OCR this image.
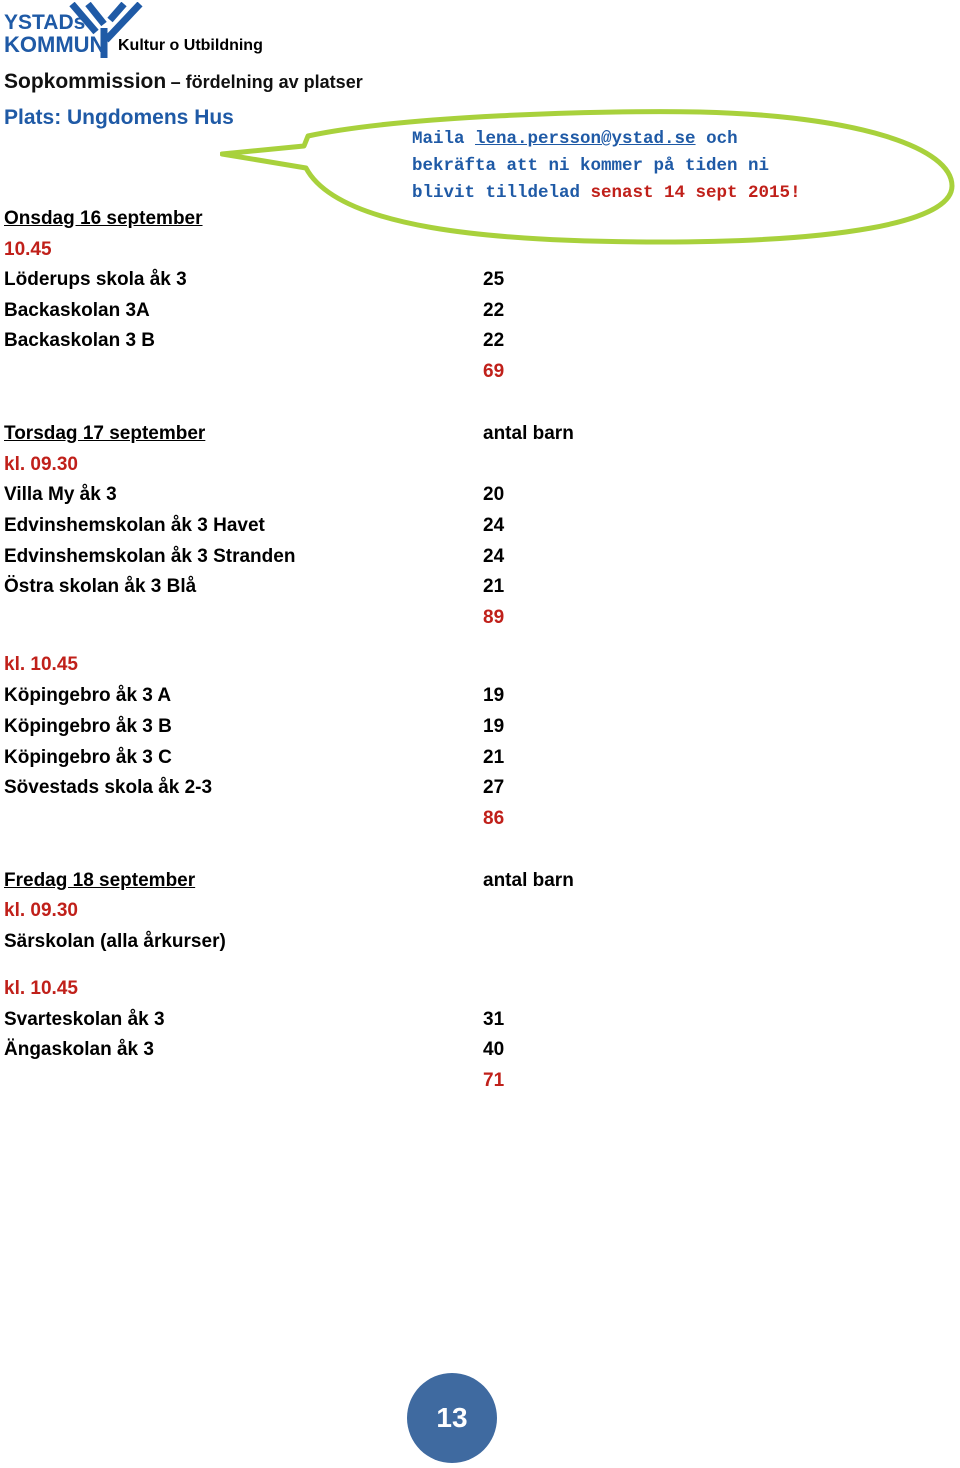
YSTADs
KOMMUN Kultur o Utbildning
Sopkommission – fördelning av platser
Plats: Ungdomens Hus
Maila lena.persson@ystad.se och
bekräfta att ni kommer på tiden ni
blivit tilldelad senast 14 sept 2015!
Onsdag 16 september
10.45
Löderups skola åk 3	25
Backaskolan 3A	22
Backaskolan 3 B	22
69
Torsdag 17 september	antal barn
kl. 09.30
Villa My åk 3	20
Edvinshemskolan åk 3 Havet	24
Edvinshemskolan åk 3 Stranden	24
Östra skolan åk 3 Blå	21
89
kl. 10.45
Köpingebro åk 3 A	19
Köpingebro åk 3 B	19
Köpingebro åk 3 C	21
Sövestads skola åk 2-3	27
86
Fredag 18 september	antal barn
kl. 09.30
Särskolan (alla årkurser)
kl. 10.45
Svarteskolan åk 3	31
Ängaskolan åk 3	40
71
13
